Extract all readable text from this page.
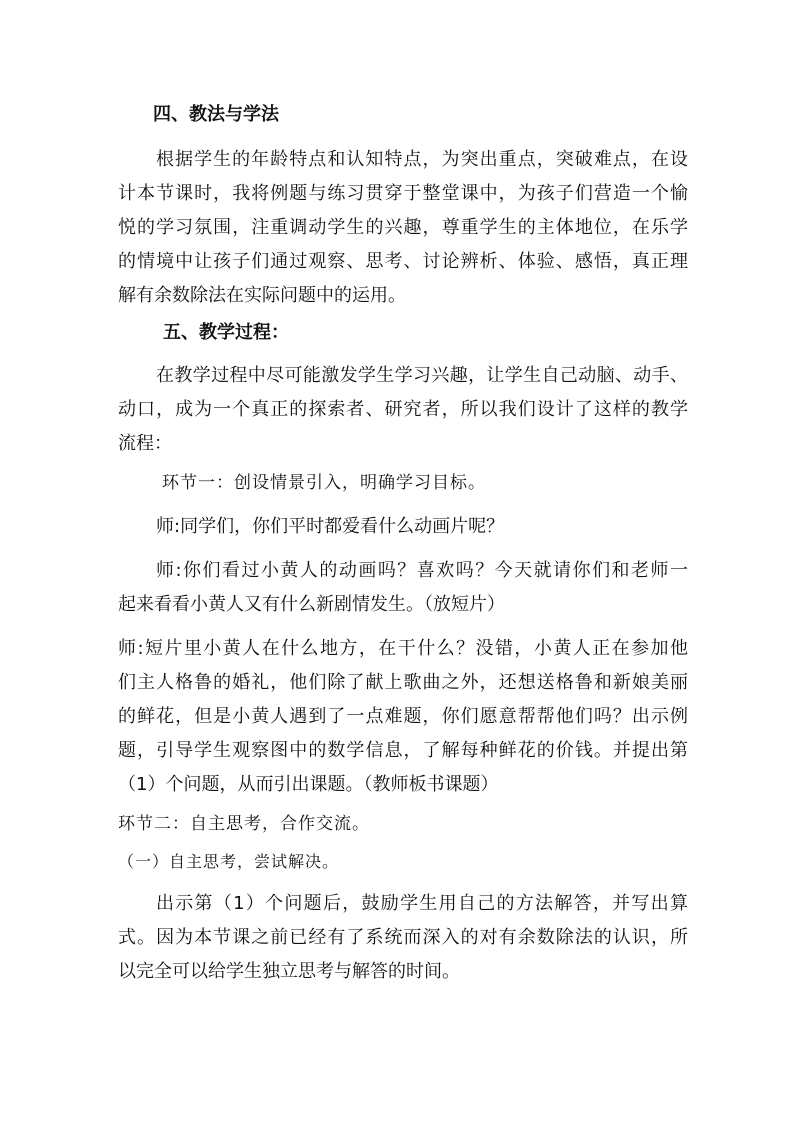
四、教法与学法
根据学生的年龄特点和认知特点，为突出重点，突破难点，在设
计本节课时，我将例题与练习贯穿于整堂课中，为孩子们营造一个愉
悦的学习氛围，注重调动学生的兴趣，尊重学生的主体地位，在乐学
的情境中让孩子们通过观察、思考、讨论辨析、体验、感悟，真正理
解有余数除法在实际问题中的运用。
五、教学过程：
在教学过程中尽可能激发学生学习兴趣，让学生自己动脑、动手、
动口，成为一个真正的探索者、研究者，所以我们设计了这样的教学
流程：
环节一：创设情景引入，明确学习目标。
师:同学们，你们平时都爱看什么动画片呢？
师:你们看过小黄人的动画吗？喜欢吗？今天就请你们和老师一
起来看看小黄人又有什么新剧情发生。（放短片）
师:短片里小黄人在什么地方，在干什么？没错，小黄人正在参加他
们主人格鲁的婚礼，他们除了献上歌曲之外，还想送格鲁和新娘美丽
的鲜花，但是小黄人遇到了一点难题，你们愿意帮帮他们吗？出示例
题，引导学生观察图中的数学信息，了解每种鲜花的价钱。并提出第
（1）个问题，从而引出课题。（教师板书课题）
环节二：自主思考，合作交流。
（一）自主思考，尝试解决。
出示第（1）个问题后，鼓励学生用自己的方法解答，并写出算
式。因为本节课之前已经有了系统而深入的对有余数除法的认识，所
以完全可以给学生独立思考与解答的时间。
